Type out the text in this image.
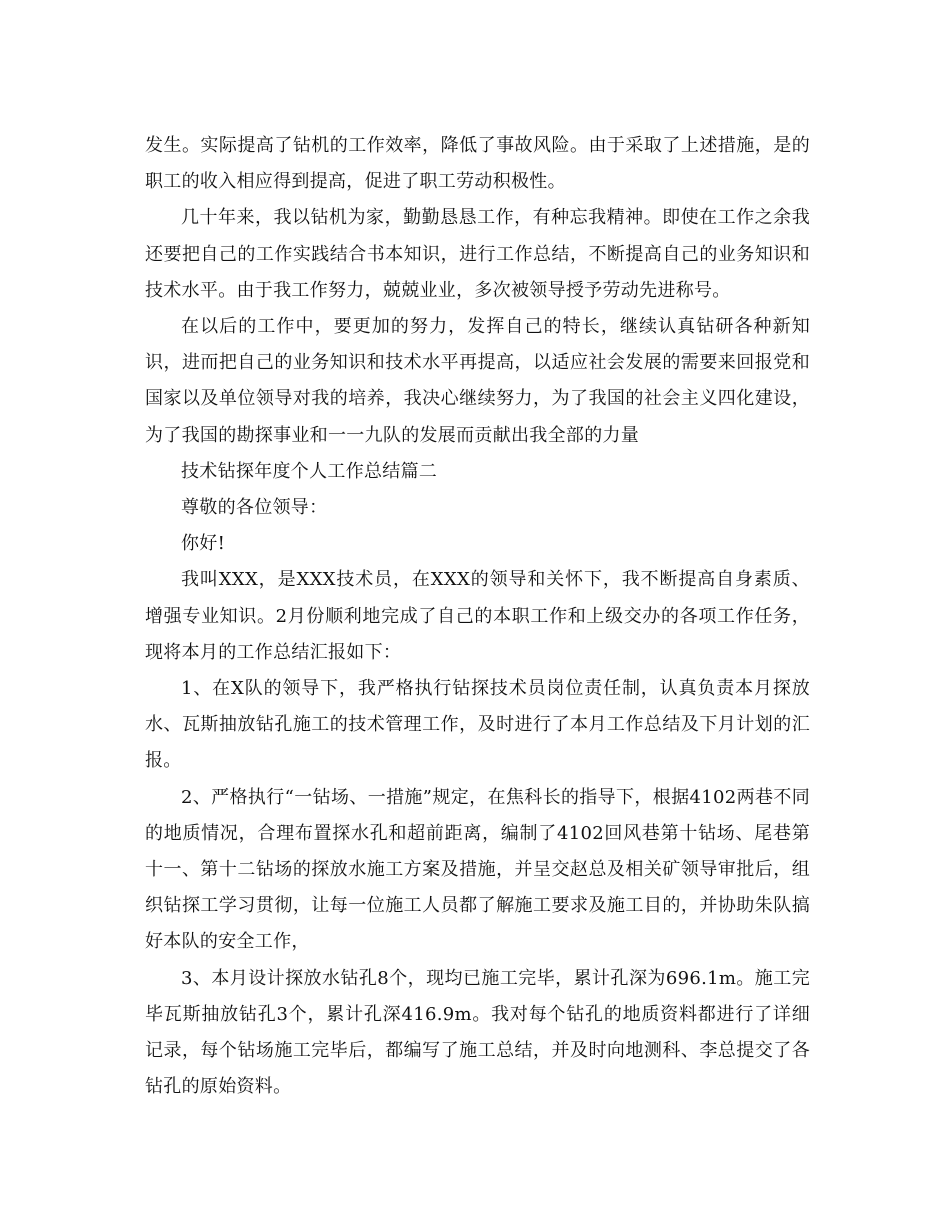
发生。实际提高了钻机的工作效率，降低了事故风险。由于采取了上述措施，是的职工的收入相应得到提高，促进了职工劳动积极性。

几十年来，我以钻机为家，勤勤恳恳工作，有种忘我精神。即使在工作之余我还要把自己的工作实践结合书本知识，进行工作总结，不断提高自己的业务知识和技术水平。由于我工作努力，兢兢业业，多次被领导授予劳动先进称号。

在以后的工作中，要更加的努力，发挥自己的特长，继续认真钻研各种新知识，进而把自己的业务知识和技术水平再提高，以适应社会发展的需要来回报党和国家以及单位领导对我的培养，我决心继续努力，为了我国的社会主义四化建设，为了我国的勘探事业和一一九队的发展而贡献出我全部的力量

技术钻探年度个人工作总结篇二

尊敬的各位领导：

你好!

我叫XXX，是XXX技术员，在XXX的领导和关怀下，我不断提高自身素质、增强专业知识。2月份顺利地完成了自己的本职工作和上级交办的各项工作任务，现将本月的工作总结汇报如下：

1、在X队的领导下，我严格执行钻探技术员岗位责任制，认真负责本月探放水、瓦斯抽放钻孔施工的技术管理工作，及时进行了本月工作总结及下月计划的汇报。

2、严格执行“一钻场、一措施”规定，在焦科长的指导下，根据4102两巷不同的地质情况，合理布置探水孔和超前距离，编制了4102回风巷第十钻场、尾巷第十一、第十二钻场的探放水施工方案及措施，并呈交赵总及相关矿领导审批后，组织钻探工学习贯彻，让每一位施工人员都了解施工要求及施工目的，并协助朱队搞好本队的安全工作，

3、本月设计探放水钻孔8个，现均已施工完毕，累计孔深为696.1m。施工完毕瓦斯抽放钻孔3个，累计孔深416.9m。我对每个钻孔的地质资料都进行了详细记录，每个钻场施工完毕后，都编写了施工总结，并及时向地测科、李总提交了各钻孔的原始资料。
